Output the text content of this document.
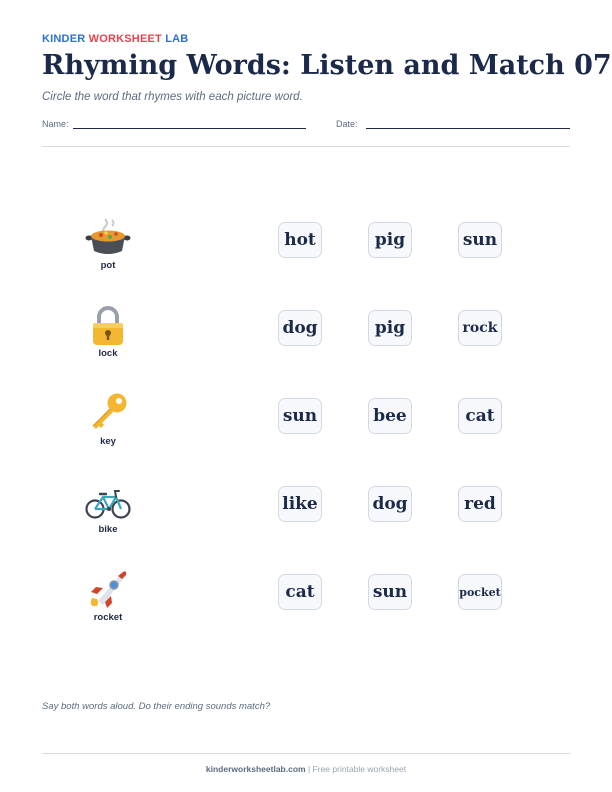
KINDER WORKSHEET LAB
Rhyming Words: Listen and Match 07
Circle the word that rhymes with each picture word.
Name:	Date:
pot
hot	pig	sun
lock
dog	pig	rock
key
sun	bee	cat
bike
like	dog	red
rocket
cat	sun	pocket
Say both words aloud. Do their ending sounds match?
kinderworksheetlab.com | Free printable worksheet
